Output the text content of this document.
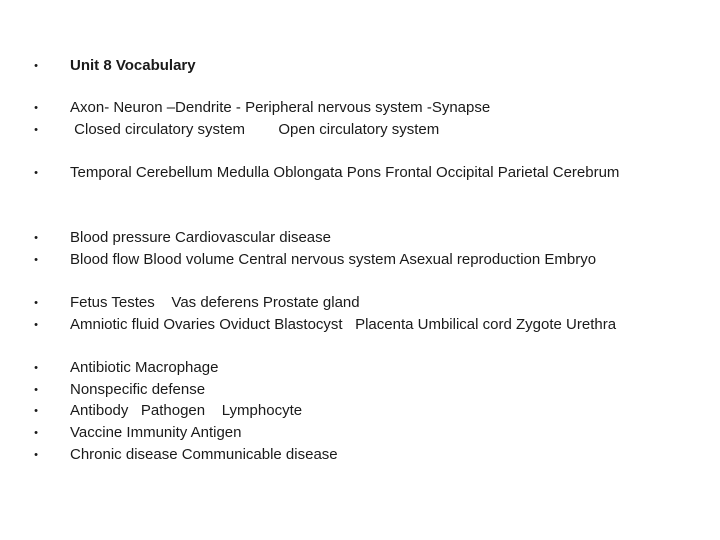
• Unit 8 Vocabulary
• Axon- Neuron –Dendrite - Peripheral nervous system -Synapse
• Closed circulatory system        Open circulatory system
• Temporal Cerebellum Medulla Oblongata Pons Frontal Occipital Parietal Cerebrum
• Blood pressure Cardiovascular disease
• Blood flow Blood volume Central nervous system Asexual reproduction Embryo
• Fetus Testes    Vas deferens Prostate gland
• Amniotic fluid Ovaries Oviduct Blastocyst   Placenta Umbilical cord Zygote Urethra
• Antibiotic Macrophage
• Nonspecific defense
• Antibody   Pathogen    Lymphocyte
• Vaccine Immunity Antigen
• Chronic disease Communicable disease
